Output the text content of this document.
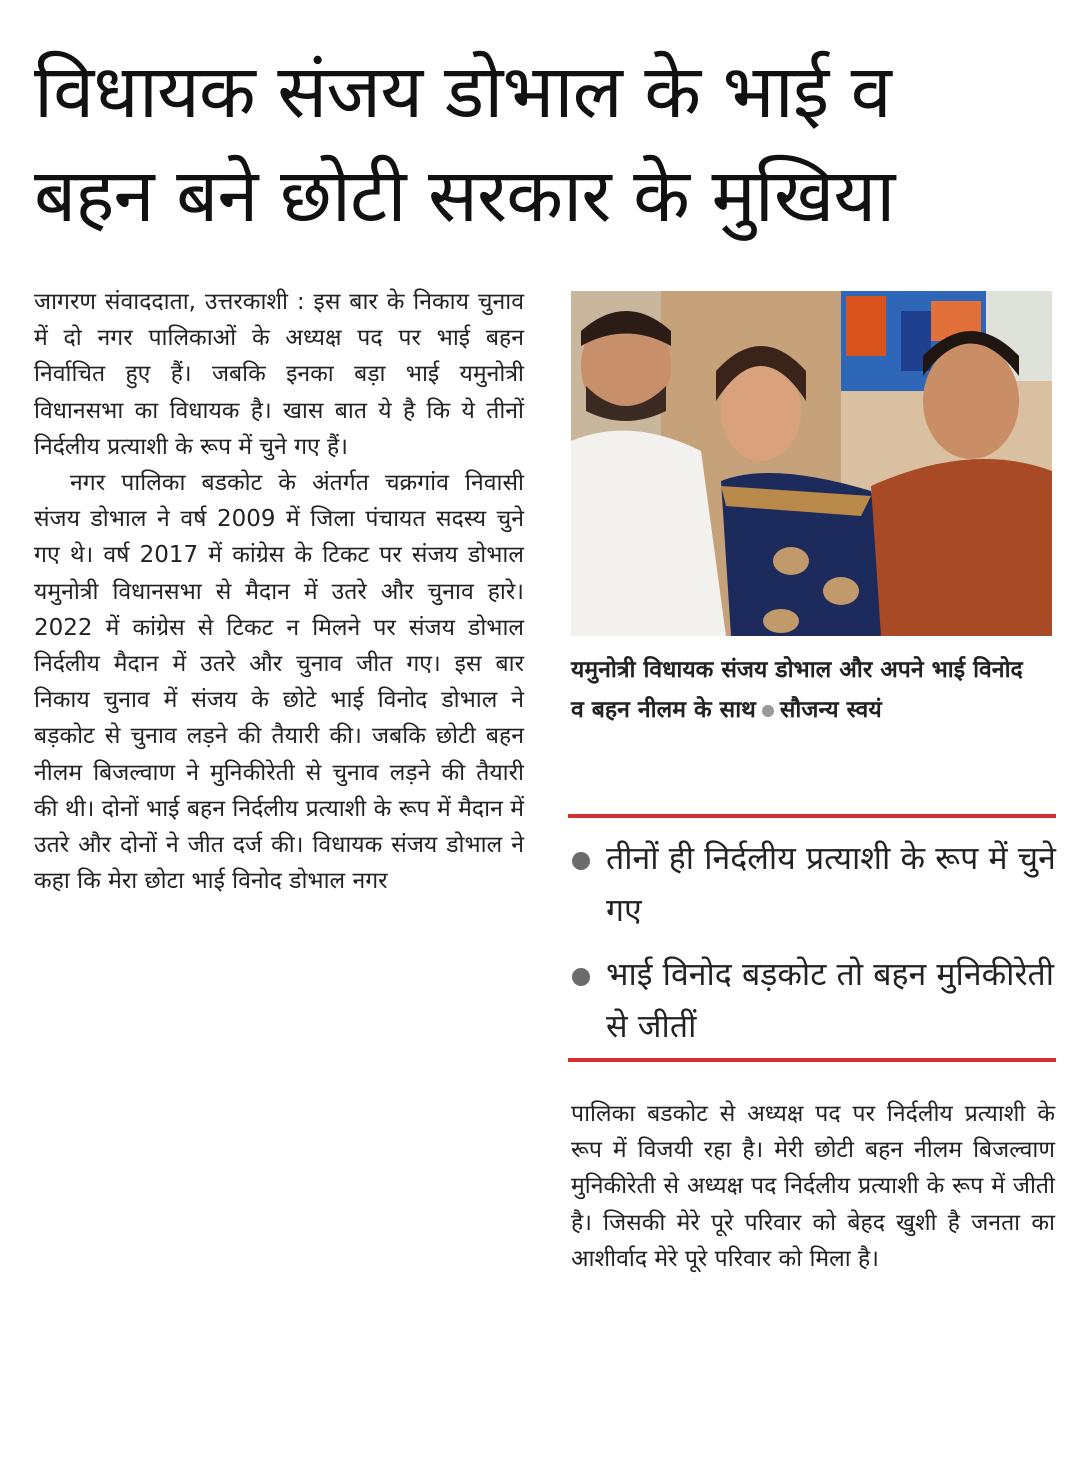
विधायक संजय डोभाल के भाई व
बहन बने छोटी सरकार के मुखिया

जागरण संवाददाता, उत्तरकाशी : इस बार के निकाय चुनाव में दो नगर पालिकाओं के अध्यक्ष पद पर भाई बहन निर्वाचित हुए हैं। जबकि इनका बड़ा भाई यमुनोत्री विधानसभा का विधायक है। खास बात ये है कि ये तीनों निर्दलीय प्रत्याशी के रूप में चुने गए हैं।

नगर पालिका बडकोट के अंतर्गत चक्रगांव निवासी संजय डोभाल ने वर्ष 2009 में जिला पंचायत सदस्य चुने गए थे। वर्ष 2017 में कांग्रेस के टिकट पर संजय डोभाल यमुनोत्री विधानसभा से मैदान में उतरे और चुनाव हारे। 2022 में कांग्रेस से टिकट न मिलने पर संजय डोभाल निर्दलीय मैदान में उतरे और चुनाव जीत गए। इस बार निकाय चुनाव में संजय के छोटे भाई विनोद डोभाल ने बड़कोट से चुनाव लड़ने की तैयारी की। जबकि छोटी बहन नीलम बिजल्वाण ने मुनिकीरेती से चुनाव लड़ने की तैयारी की थी। दोनों भाई बहन निर्दलीय प्रत्याशी के रूप में मैदान में उतरे और दोनों ने जीत दर्ज की। विधायक संजय डोभाल ने कहा कि मेरा छोटा भाई विनोद डोभाल नगर

यमुनोत्री विधायक संजय डोभाल और अपने भाई विनोद व बहन नीलम के साथ सौजन्य स्वयं
तीनों ही निर्दलीय प्रत्याशी के रूप में चुने गए
भाई विनोद बड़कोट तो बहन मुनिकीरेती से जीतीं

पालिका बडकोट से अध्यक्ष पद पर निर्दलीय प्रत्याशी के रूप में विजयी रहा है। मेरी छोटी बहन नीलम बिजल्वाण मुनिकीरेती से अध्यक्ष पद निर्दलीय प्रत्याशी के रूप में जीती है। जिसकी मेरे पूरे परिवार को बेहद खुशी है जनता का आशीर्वाद मेरे पूरे परिवार को मिला है।
